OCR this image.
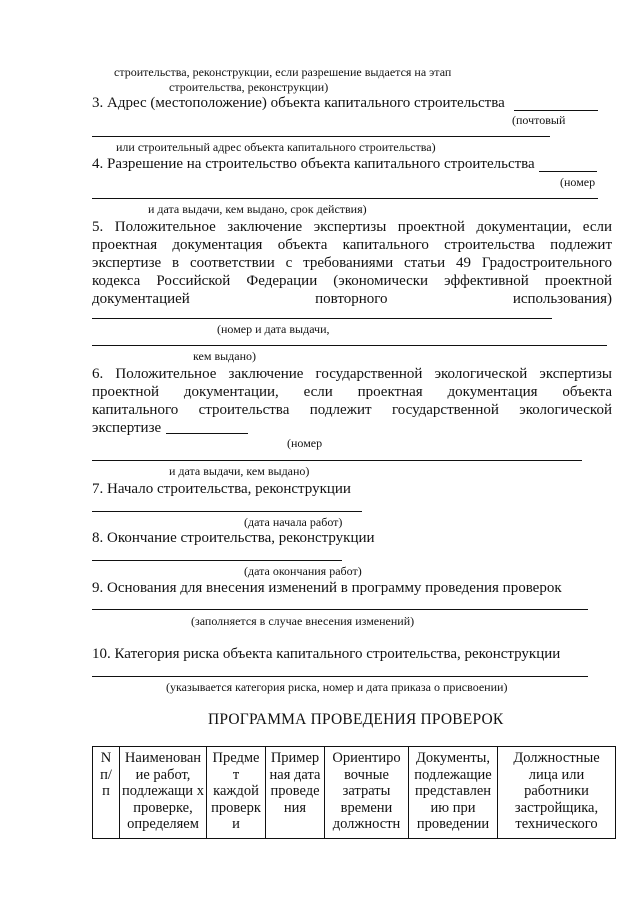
строительства, реконструкции, если разрешение выдается на этап
строительства, реконструкции)
3. Адрес (местоположение) объекта капитального строительства
(почтовый
или строительный адрес объекта капитального строительства)
4. Разрешение на строительство объекта капитального строительства
(номер
и дата выдачи, кем выдано, срок действия)
5. Положительное заключение экспертизы проектной документации, если
проектная документация объекта капитального строительства подлежит
экспертизе в соответствии с требованиями статьи 49 Градостроительного
кодекса Российской Федерации (экономически эффективной проектной
документацией повторного использования)
(номер и дата выдачи,
кем выдано)
6. Положительное заключение государственной экологической экспертизы
проектной документации, если проектная документация объекта
капитального строительства подлежит государственной экологической
экспертизе
(номер
и дата выдачи, кем выдано)
7. Начало строительства, реконструкции
(дата начала работ)
8. Окончание строительства, реконструкции
(дата окончания работ)
9. Основания для внесения изменений в программу проведения проверок
(заполняется в случае внесения изменений)
10. Категория риска объекта капитального строительства, реконструкции
(указывается категория риска, номер и дата приказа о присвоении)
ПРОГРАММА ПРОВЕДЕНИЯ ПРОВЕРОК
N п/ п	Наименован ие работ, подлежащи х проверке, определяем	Предме т каждой проверк и	Пример ная дата проведе ния	Ориентиро вочные затраты времени должностн	Документы, подлежащие представлен ию при проведении	Должностные лица или работники застройщика, технического
